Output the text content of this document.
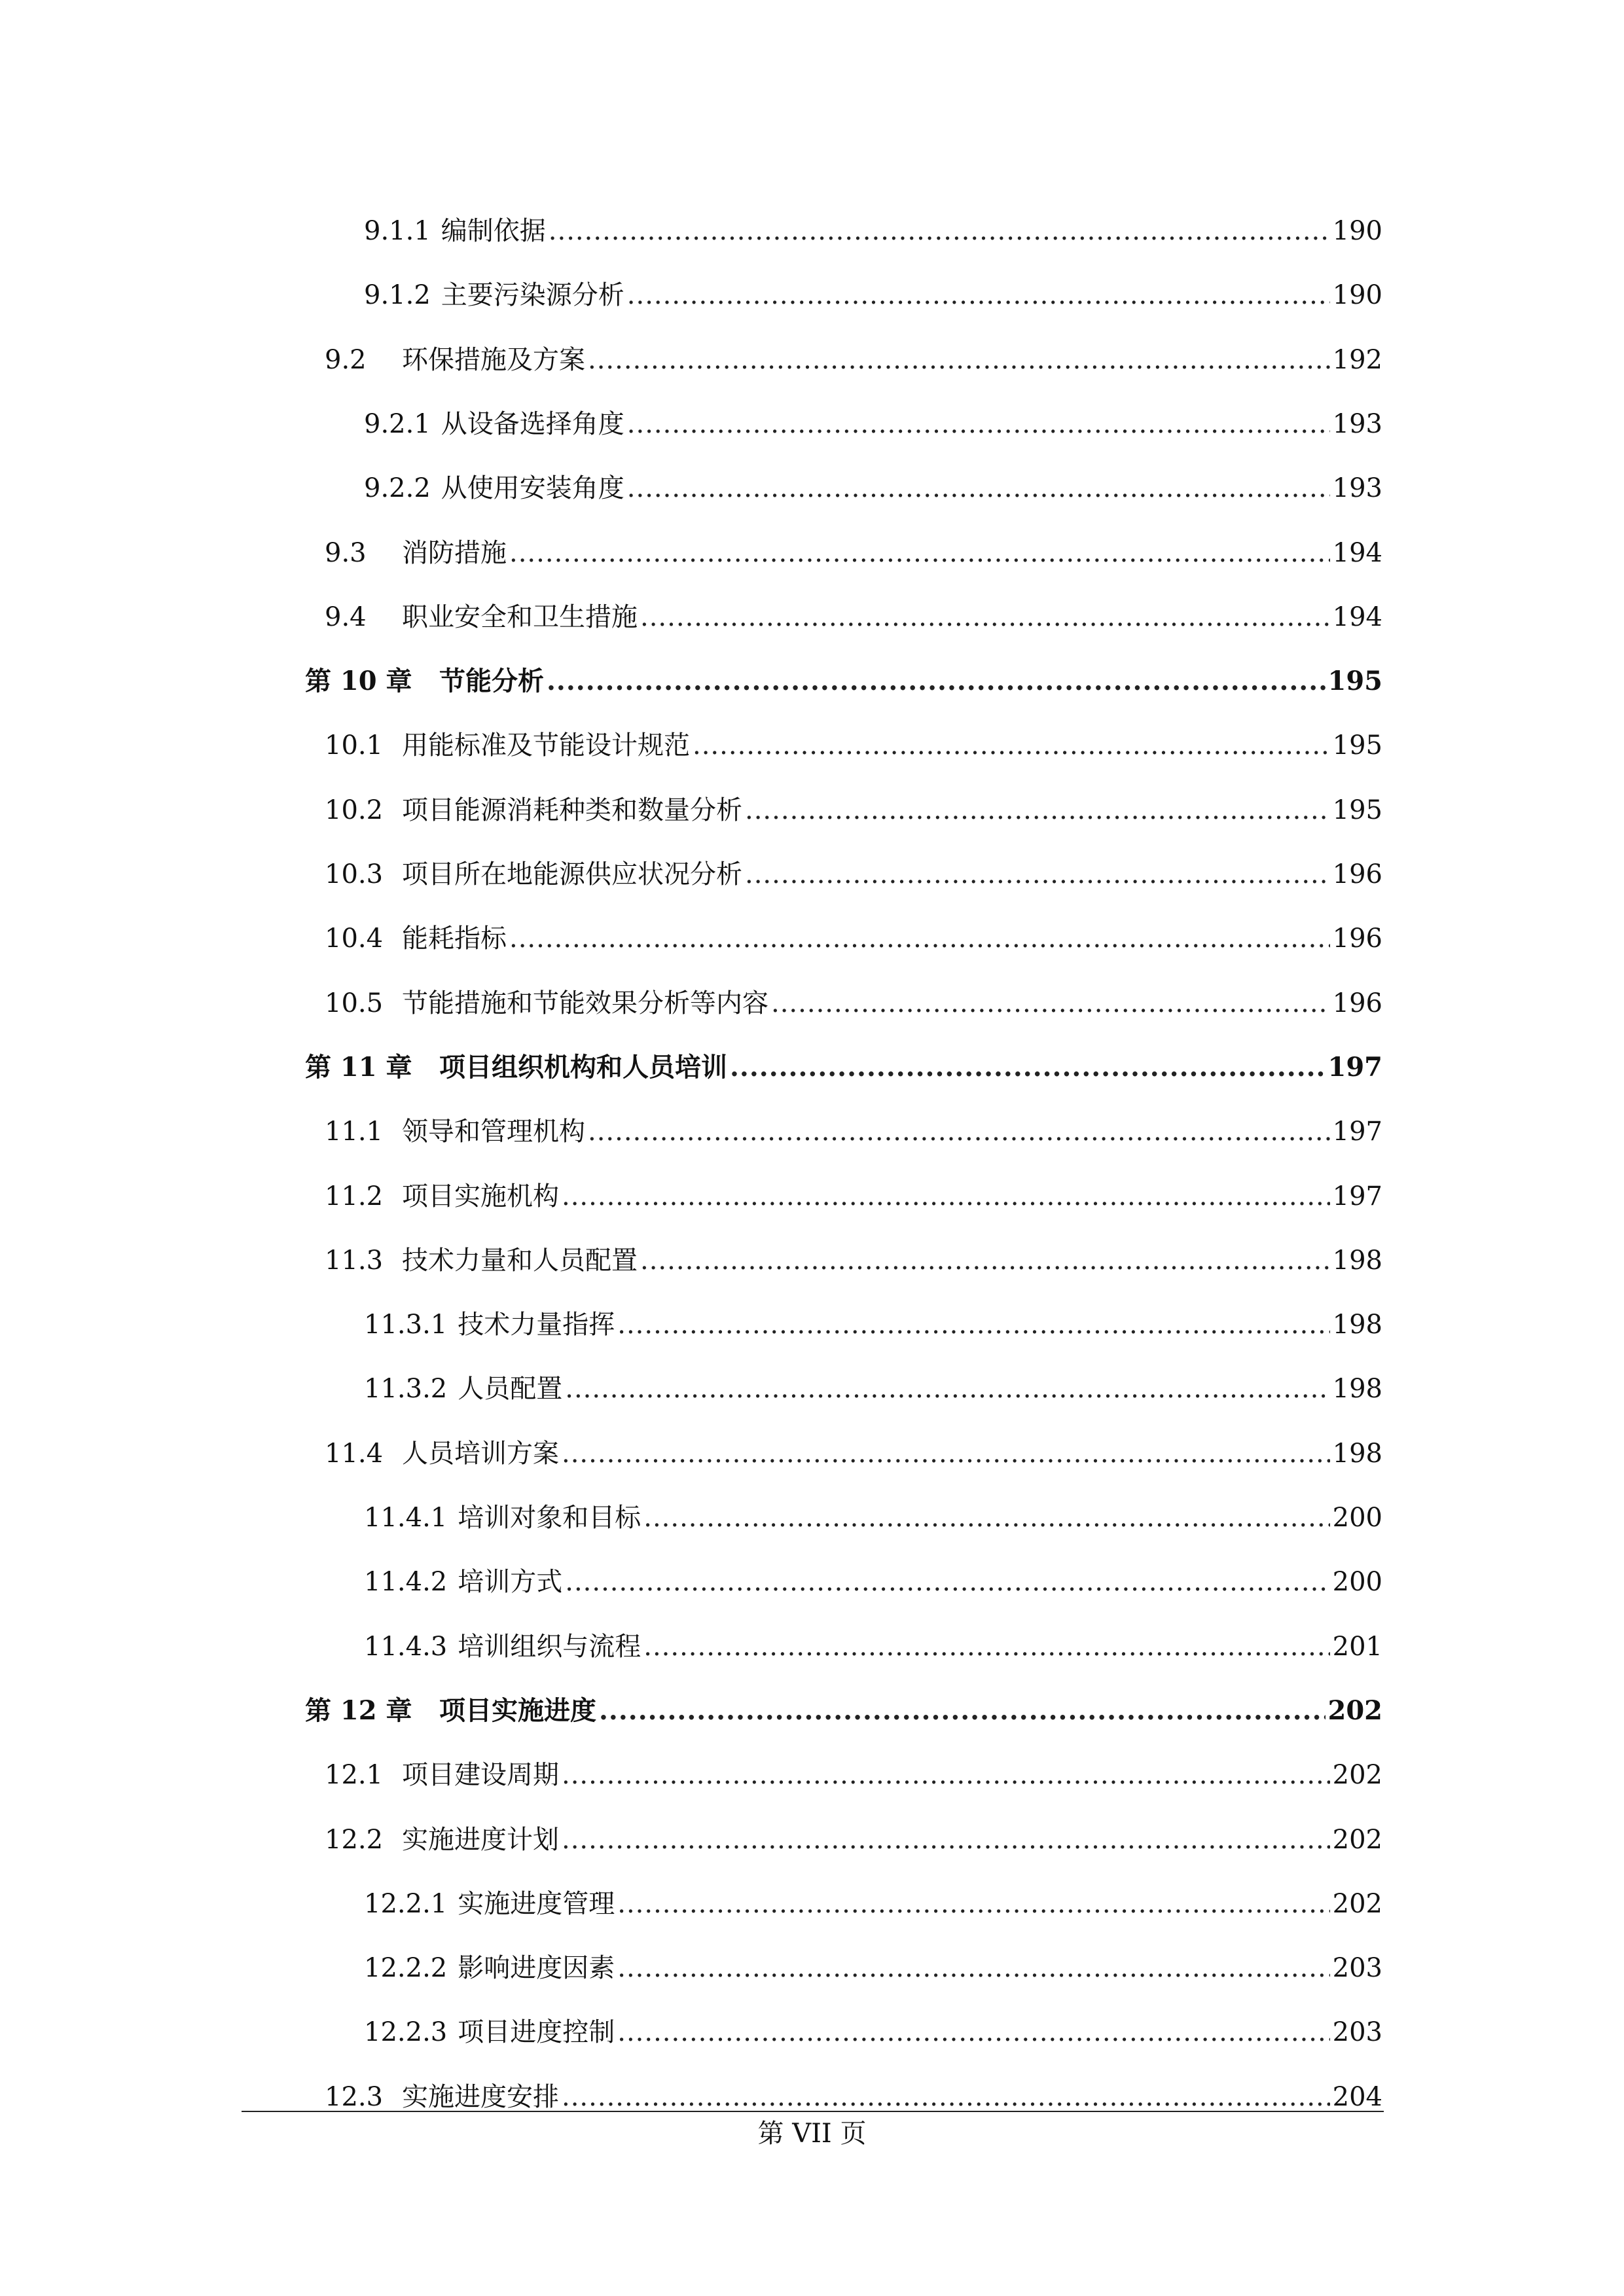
9.1.1 编制依据 .....	190
9.1.2 主要污染源分析 .....	190
9.2	环保措施及方案 .....	192
9.2.1 从设备选择角度 .....	193
9.2.2 从使用安装角度 .....	193
9.3	消防措施 .....	194
9.4	职业安全和卫生措施 .....	194
第 10 章	节能分析 .....	195
10.1 用能标准及节能设计规范 .....	195
10.2 项目能源消耗种类和数量分析 .....	195
10.3 项目所在地能源供应状况分析 .....	196
10.4 能耗指标 .....	196
10.5 节能措施和节能效果分析等内容 .....	196
第 11 章	项目组织机构和人员培训 .....	197
11.1 领导和管理机构 .....	197
11.2 项目实施机构 .....	197
11.3 技术力量和人员配置 .....	198
11.3.1 技术力量指挥 .....	198
11.3.2 人员配置 .....	198
11.4 人员培训方案 .....	198
11.4.1 培训对象和目标 .....	200
11.4.2 培训方式 .....	200
11.4.3 培训组织与流程 .....	201
第 12 章	项目实施进度 .....	202
12.1 项目建设周期 .....	202
12.2 实施进度计划 .....	202
12.2.1 实施进度管理 .....	202
12.2.2 影响进度因素 .....	203
12.2.3 项目进度控制 .....	203
12.3 实施进度安排 .....	204
第 VII 页
